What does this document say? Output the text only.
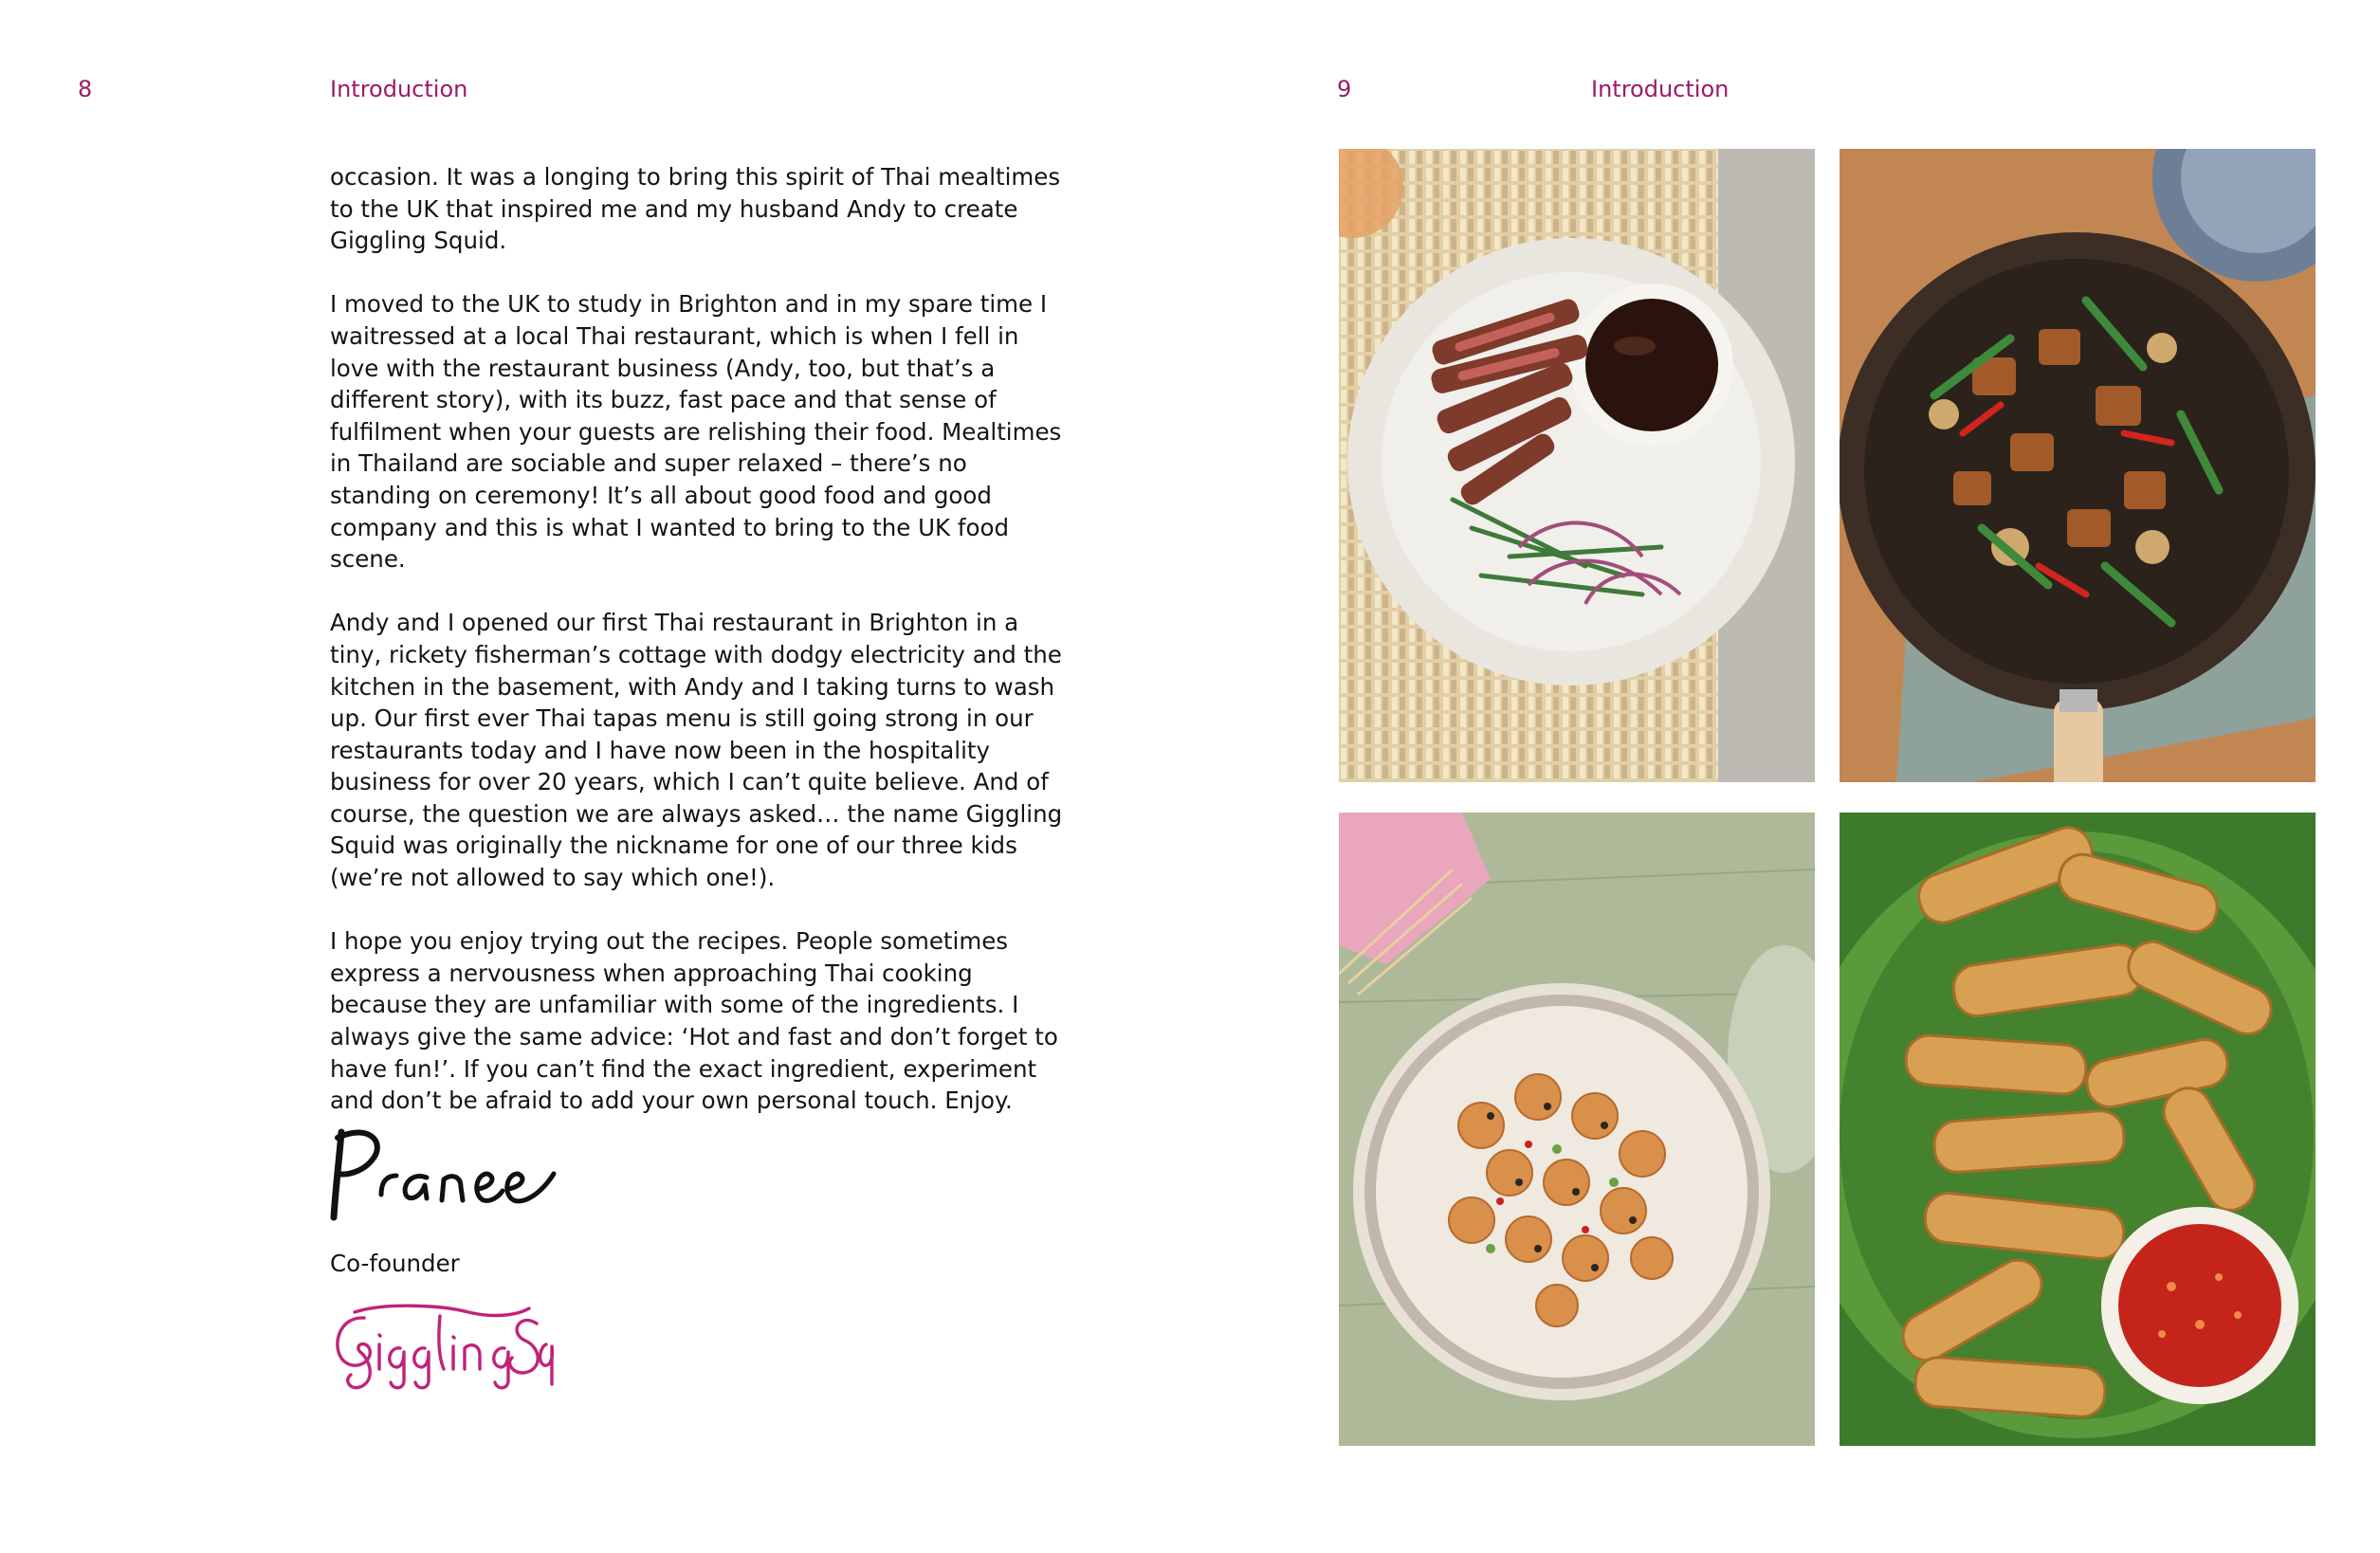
8	Introduction

occasion. It was a longing to bring this spirit of Thai mealtimes to the UK that inspired me and my husband Andy to create Giggling Squid.

I moved to the UK to study in Brighton and in my spare time I waitressed at a local Thai restaurant, which is when I fell in love with the restaurant business (Andy, too, but that’s a different story), with its buzz, fast pace and that sense of fulfilment when your guests are relishing their food. Mealtimes in Thailand are sociable and super relaxed – there’s no standing on ceremony! It’s all about good food and good company and this is what I wanted to bring to the UK food scene.

Andy and I opened our first Thai restaurant in Brighton in a tiny, rickety fisherman’s cottage with dodgy electricity and the kitchen in the basement, with Andy and I taking turns to wash up. Our first ever Thai tapas menu is still going strong in our restaurants today and I have now been in the hospitality business for over 20 years, which I can’t quite believe. And of course, the question we are always asked… the name Giggling Squid was originally the nickname for one of our three kids (we’re not allowed to say which one!).

I hope you enjoy trying out the recipes. People sometimes express a nervousness when approaching Thai cooking because they are unfamiliar with some of the ingredients. I always give the same advice: ‘Hot and fast and don’t forget to have fun!’. If you can’t find the exact ingredient, experiment and don’t be afraid to add your own personal touch. Enjoy.

Co-founder
9	Introduction
